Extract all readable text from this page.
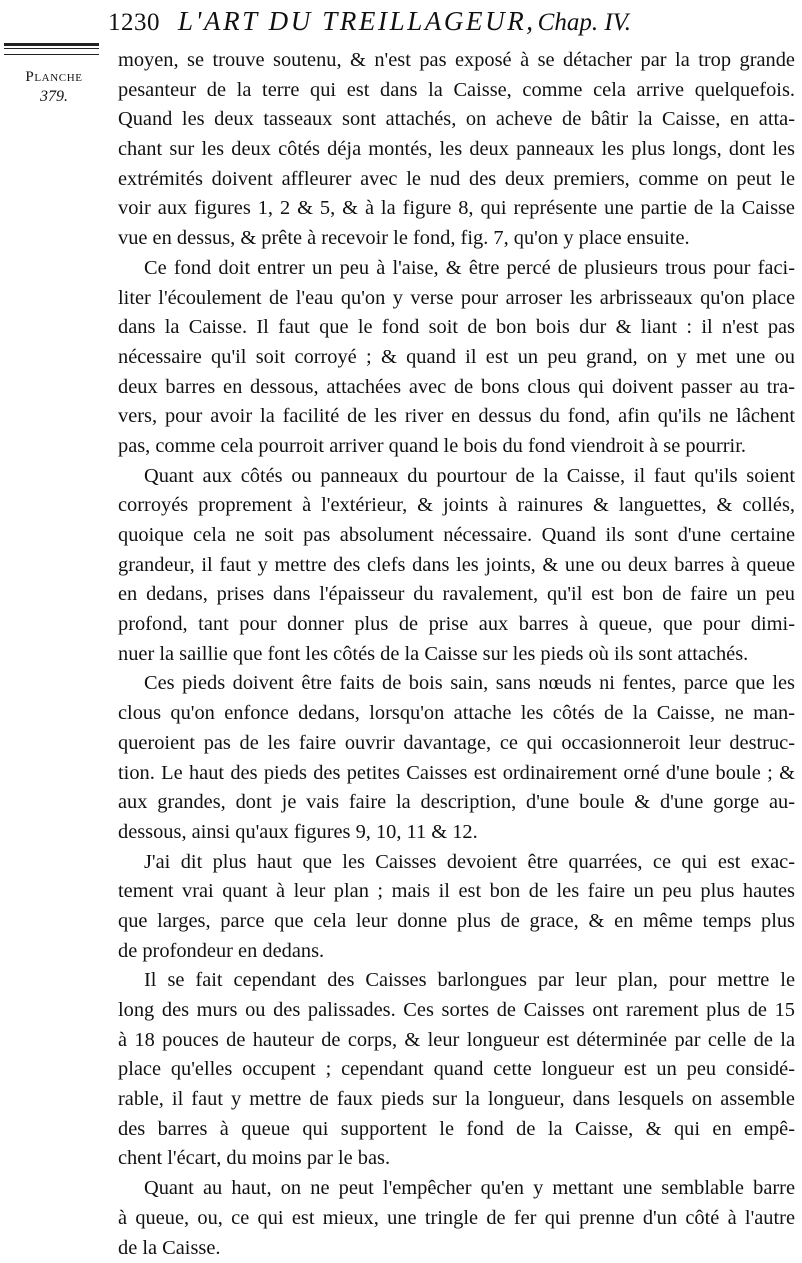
1230 L'ART DU TREILLAGEUR, Chap. IV.
Planche
379.

moyen, se trouve soutenu, & n'est pas exposé à se détacher par la trop grande
pesanteur de la terre qui est dans la Caisse, comme cela arrive quelquefois.
Quand les deux tasseaux sont attachés, on acheve de bâtir la Caisse, en atta-
chant sur les deux côtés déja montés, les deux panneaux les plus longs, dont les
extrémités doivent affleurer avec le nud des deux premiers, comme on peut le
voir aux figures 1, 2 & 5, & à la figure 8, qui représente une partie de la Caisse
vue en dessus, & prête à recevoir le fond, fig. 7, qu'on y place ensuite.

Ce fond doit entrer un peu à l'aise, & être percé de plusieurs trous pour faci-
liter l'écoulement de l'eau qu'on y verse pour arroser les arbrisseaux qu'on place
dans la Caisse. Il faut que le fond soit de bon bois dur & liant : il n'est pas
nécessaire qu'il soit corroyé ; & quand il est un peu grand, on y met une ou
deux barres en dessous, attachées avec de bons clous qui doivent passer au tra-
vers, pour avoir la facilité de les river en dessus du fond, afin qu'ils ne lâchent
pas, comme cela pourroit arriver quand le bois du fond viendroit à se pourrir.

Quant aux côtés ou panneaux du pourtour de la Caisse, il faut qu'ils soient
corroyés proprement à l'extérieur, & joints à rainures & languettes, & collés,
quoique cela ne soit pas absolument nécessaire. Quand ils sont d'une certaine
grandeur, il faut y mettre des clefs dans les joints, & une ou deux barres à queue
en dedans, prises dans l'épaisseur du ravalement, qu'il est bon de faire un peu
profond, tant pour donner plus de prise aux barres à queue, que pour dimi-
nuer la saillie que font les côtés de la Caisse sur les pieds où ils sont attachés.

Ces pieds doivent être faits de bois sain, sans nœuds ni fentes, parce que les
clous qu'on enfonce dedans, lorsqu'on attache les côtés de la Caisse, ne man-
queroient pas de les faire ouvrir davantage, ce qui occasionneroit leur destruc-
tion. Le haut des pieds des petites Caisses est ordinairement orné d'une boule ; &
aux grandes, dont je vais faire la description, d'une boule & d'une gorge au-
dessous, ainsi qu'aux figures 9, 10, 11 & 12.

J'ai dit plus haut que les Caisses devoient être quarrées, ce qui est exac-
tement vrai quant à leur plan ; mais il est bon de les faire un peu plus hautes
que larges, parce que cela leur donne plus de grace, & en même temps plus
de profondeur en dedans.

Il se fait cependant des Caisses barlongues par leur plan, pour mettre le
long des murs ou des palissades. Ces sortes de Caisses ont rarement plus de 15
à 18 pouces de hauteur de corps, & leur longueur est déterminée par celle de la
place qu'elles occupent ; cependant quand cette longueur est un peu considé-
rable, il faut y mettre de faux pieds sur la longueur, dans lesquels on assemble
des barres à queue qui supportent le fond de la Caisse, & qui en empê-
chent l'écart, du moins par le bas.

Quant au haut, on ne peut l'empêcher qu'en y mettant une semblable barre
à queue, ou, ce qui est mieux, une tringle de fer qui prenne d'un côté à l'autre
de la Caisse.
